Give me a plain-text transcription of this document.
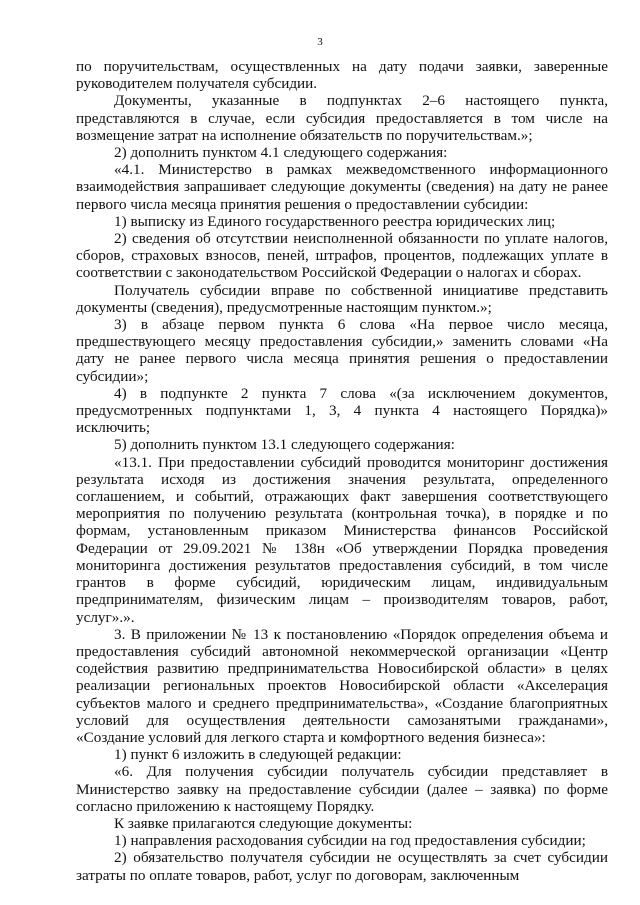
3

по поручительствам, осуществленных на дату подачи заявки, заверенные руководителем получателя субсидии.

Документы, указанные в подпунктах 2–6 настоящего пункта, представляются в случае, если субсидия предоставляется в том числе на возмещение затрат на исполнение обязательств по поручительствам.»;

2) дополнить пунктом 4.1 следующего содержания:

«4.1. Министерство в рамках межведомственного информационного взаимодействия запрашивает следующие документы (сведения) на дату не ранее первого числа месяца принятия решения о предоставлении субсидии:

1) выписку из Единого государственного реестра юридических лиц;

2) сведения об отсутствии неисполненной обязанности по уплате налогов, сборов, страховых взносов, пеней, штрафов, процентов, подлежащих уплате в соответствии с законодательством Российской Федерации о налогах и сборах.

Получатель субсидии вправе по собственной инициативе представить документы (сведения), предусмотренные настоящим пунктом.»;

3) в абзаце первом пункта 6 слова «На первое число месяца, предшествующего месяцу предоставления субсидии,» заменить словами «На дату не ранее первого числа месяца принятия решения о предоставлении субсидии»;

4) в подпункте 2 пункта 7 слова «(за исключением документов, предусмотренных подпунктами 1, 3, 4 пункта 4 настоящего Порядка)» исключить;

5) дополнить пунктом 13.1 следующего содержания:

«13.1. При предоставлении субсидий проводится мониторинг достижения результата исходя из достижения значения результата, определенного соглашением, и событий, отражающих факт завершения соответствующего мероприятия по получению результата (контрольная точка), в порядке и по формам, установленным приказом Министерства финансов Российской Федерации от 29.09.2021 № 138н «Об утверждении Порядка проведения мониторинга достижения результатов предоставления субсидий, в том числе грантов в форме субсидий, юридическим лицам, индивидуальным предпринимателям, физическим лицам – производителям товаров, работ, услуг».».

3. В приложении № 13 к постановлению «Порядок определения объема и предоставления субсидий автономной некоммерческой организации «Центр содействия развитию предпринимательства Новосибирской области» в целях реализации региональных проектов Новосибирской области «Акселерация субъектов малого и среднего предпринимательства», «Создание благоприятных условий для осуществления деятельности самозанятыми гражданами», «Создание условий для легкого старта и комфортного ведения бизнеса»:

1) пункт 6 изложить в следующей редакции:

«6. Для получения субсидии получатель субсидии представляет в Министерство заявку на предоставление субсидии (далее – заявка) по форме согласно приложению к настоящему Порядку.

К заявке прилагаются следующие документы:

1) направления расходования субсидии на год предоставления субсидии;

2) обязательство получателя субсидии не осуществлять за счет субсидии затраты по оплате товаров, работ, услуг по договорам, заключенным
